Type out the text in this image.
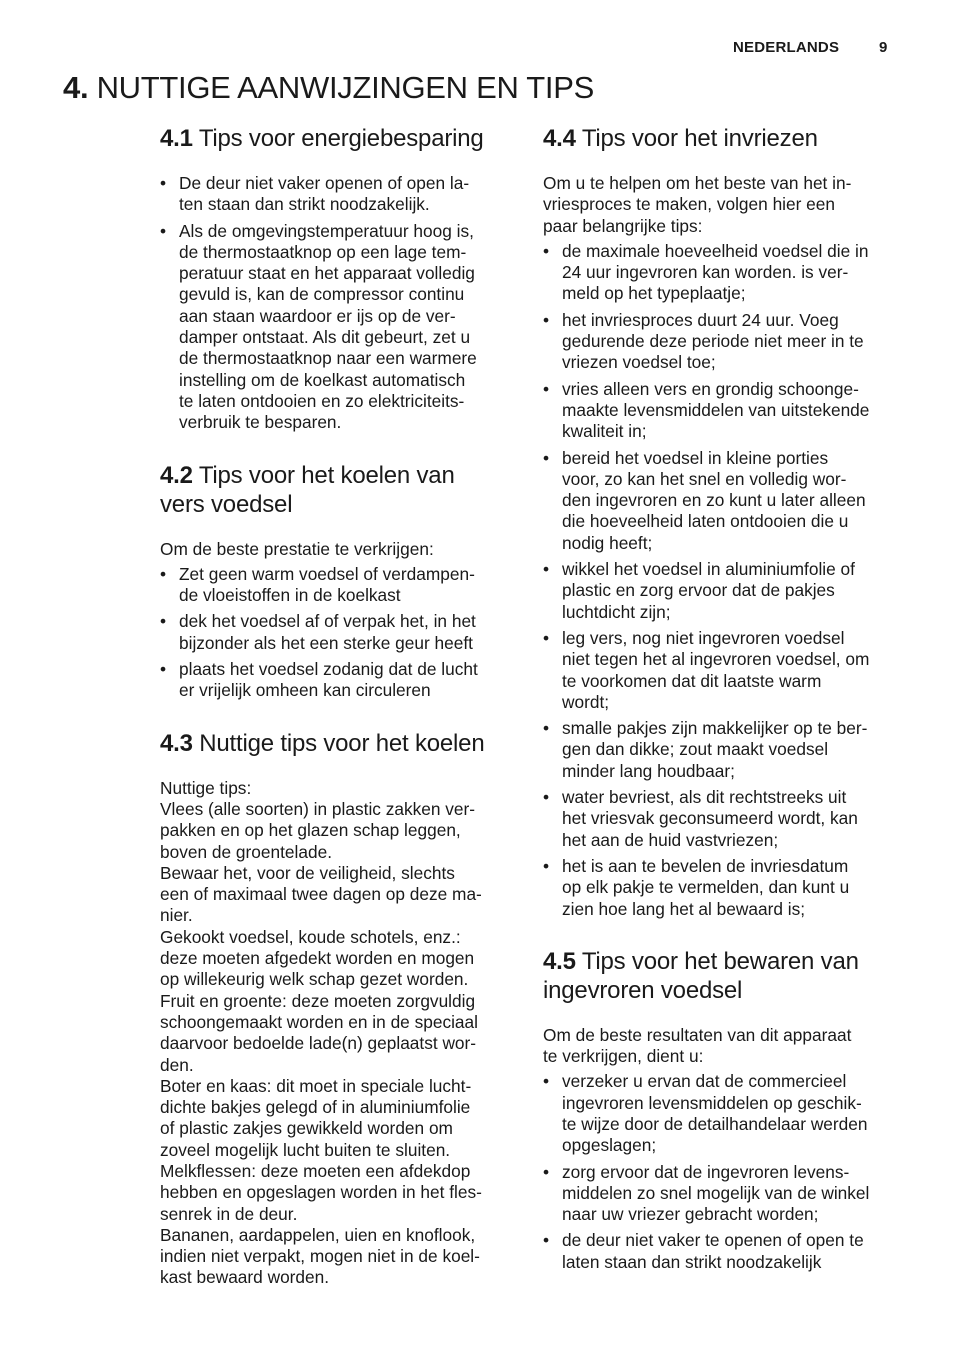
NEDERLANDS	9
4. NUTTIGE AANWIJZINGEN EN TIPS
4.1 Tips voor energiebesparing
• De deur niet vaker openen of open la-
ten staan dan strikt noodzakelijk.
• Als de omgevingstemperatuur hoog is,
de thermostaatknop op een lage tem-
peratuur staat en het apparaat volledig
gevuld is, kan de compressor continu
aan staan waardoor er ijs op de ver-
damper ontstaat. Als dit gebeurt, zet u
de thermostaatknop naar een warmere
instelling om de koelkast automatisch
te laten ontdooien en zo elektriciteits-
verbruik te besparen.
4.2 Tips voor het koelen van
vers voedsel

Om de beste prestatie te verkrijgen:

• Zet geen warm voedsel of verdampen-
de vloeistoffen in de koelkast
• dek het voedsel af of verpak het, in het
bijzonder als het een sterke geur heeft
• plaats het voedsel zodanig dat de lucht
er vrijelijk omheen kan circuleren
4.3 Nuttige tips voor het koelen

Nuttige tips:
Vlees (alle soorten) in plastic zakken ver-
pakken en op het glazen schap leggen,
boven de groentelade.
Bewaar het, voor de veiligheid, slechts
een of maximaal twee dagen op deze ma-
nier.
Gekookt voedsel, koude schotels, enz.:
deze moeten afgedekt worden en mogen
op willekeurig welk schap gezet worden.
Fruit en groente: deze moeten zorgvuldig
schoongemaakt worden en in de speciaal
daarvoor bedoelde lade(n) geplaatst wor-
den.
Boter en kaas: dit moet in speciale lucht-
dichte bakjes gelegd of in aluminiumfolie
of plastic zakjes gewikkeld worden om
zoveel mogelijk lucht buiten te sluiten.
Melkflessen: deze moeten een afdekdop
hebben en opgeslagen worden in het fles-
senrek in de deur.
Bananen, aardappelen, uien en knoflook,
indien niet verpakt, mogen niet in de koel-
kast bewaard worden.

4.4 Tips voor het invriezen

Om u te helpen om het beste van het in-
vriesproces te maken, volgen hier een
paar belangrijke tips:

• de maximale hoeveelheid voedsel die in
24 uur ingevroren kan worden. is ver-
meld op het typeplaatje;
• het invriesproces duurt 24 uur. Voeg
gedurende deze periode niet meer in te
vriezen voedsel toe;
• vries alleen vers en grondig schoonge-
maakte levensmiddelen van uitstekende
kwaliteit in;
• bereid het voedsel in kleine porties
voor, zo kan het snel en volledig wor-
den ingevroren en zo kunt u later alleen
die hoeveelheid laten ontdooien die u
nodig heeft;
• wikkel het voedsel in aluminiumfolie of
plastic en zorg ervoor dat de pakjes
luchtdicht zijn;
• leg vers, nog niet ingevroren voedsel
niet tegen het al ingevroren voedsel, om
te voorkomen dat dit laatste warm
wordt;
• smalle pakjes zijn makkelijker op te ber-
gen dan dikke; zout maakt voedsel
minder lang houdbaar;
• water bevriest, als dit rechtstreeks uit
het vriesvak geconsumeerd wordt, kan
het aan de huid vastvriezen;
• het is aan te bevelen de invriesdatum
op elk pakje te vermelden, dan kunt u
zien hoe lang het al bewaard is;
4.5 Tips voor het bewaren van
ingevroren voedsel

Om de beste resultaten van dit apparaat
te verkrijgen, dient u:

• verzeker u ervan dat de commercieel
ingevroren levensmiddelen op geschik-
te wijze door de detailhandelaar werden
opgeslagen;
• zorg ervoor dat de ingevroren levens-
middelen zo snel mogelijk van de winkel
naar uw vriezer gebracht worden;
• de deur niet vaker te openen of open te
laten staan dan strikt noodzakelijk
